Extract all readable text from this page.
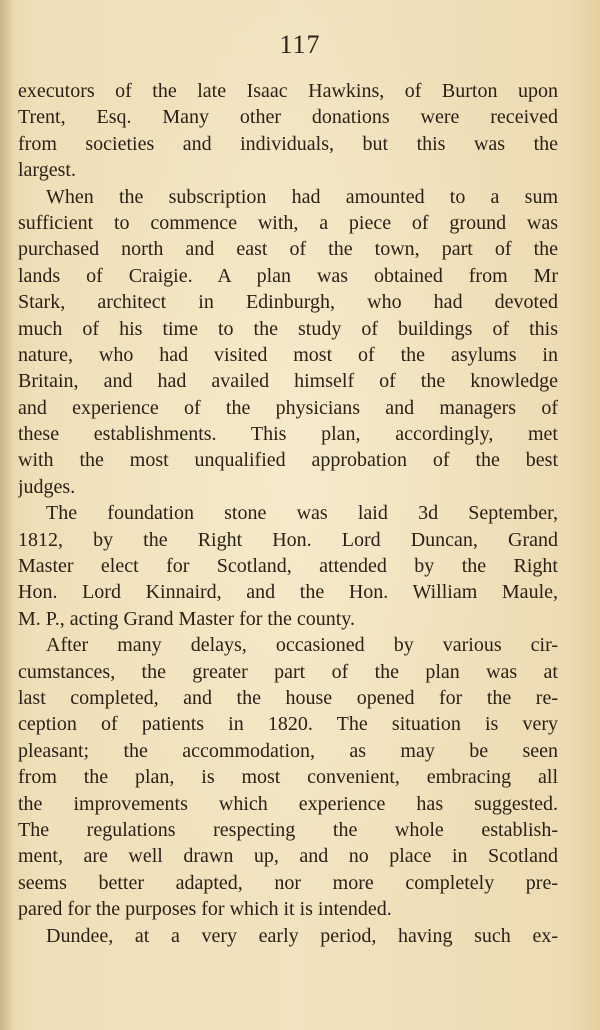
117
executors of the late Isaac Hawkins, of Burton upon
Trent, Esq. Many other donations were received
from societies and individuals, but this was the
largest.
When the subscription had amounted to a sum
sufficient to commence with, a piece of ground was
purchased north and east of the town, part of the
lands of Craigie. A plan was obtained from Mr
Stark, architect in Edinburgh, who had devoted
much of his time to the study of buildings of this
nature, who had visited most of the asylums in
Britain, and had availed himself of the knowledge
and experience of the physicians and managers of
these establishments. This plan, accordingly, met
with the most unqualified approbation of the best
judges.
The foundation stone was laid 3d September,
1812, by the Right Hon. Lord Duncan, Grand
Master elect for Scotland, attended by the Right
Hon. Lord Kinnaird, and the Hon. William Maule,
M. P., acting Grand Master for the county.
After many delays, occasioned by various cir-
cumstances, the greater part of the plan was at
last completed, and the house opened for the re-
ception of patients in 1820. The situation is very
pleasant; the accommodation, as may be seen
from the plan, is most convenient, embracing all
the improvements which experience has suggested.
The regulations respecting the whole establish-
ment, are well drawn up, and no place in Scotland
seems better adapted, nor more completely pre-
pared for the purposes for which it is intended.
Dundee, at a very early period, having such ex-
